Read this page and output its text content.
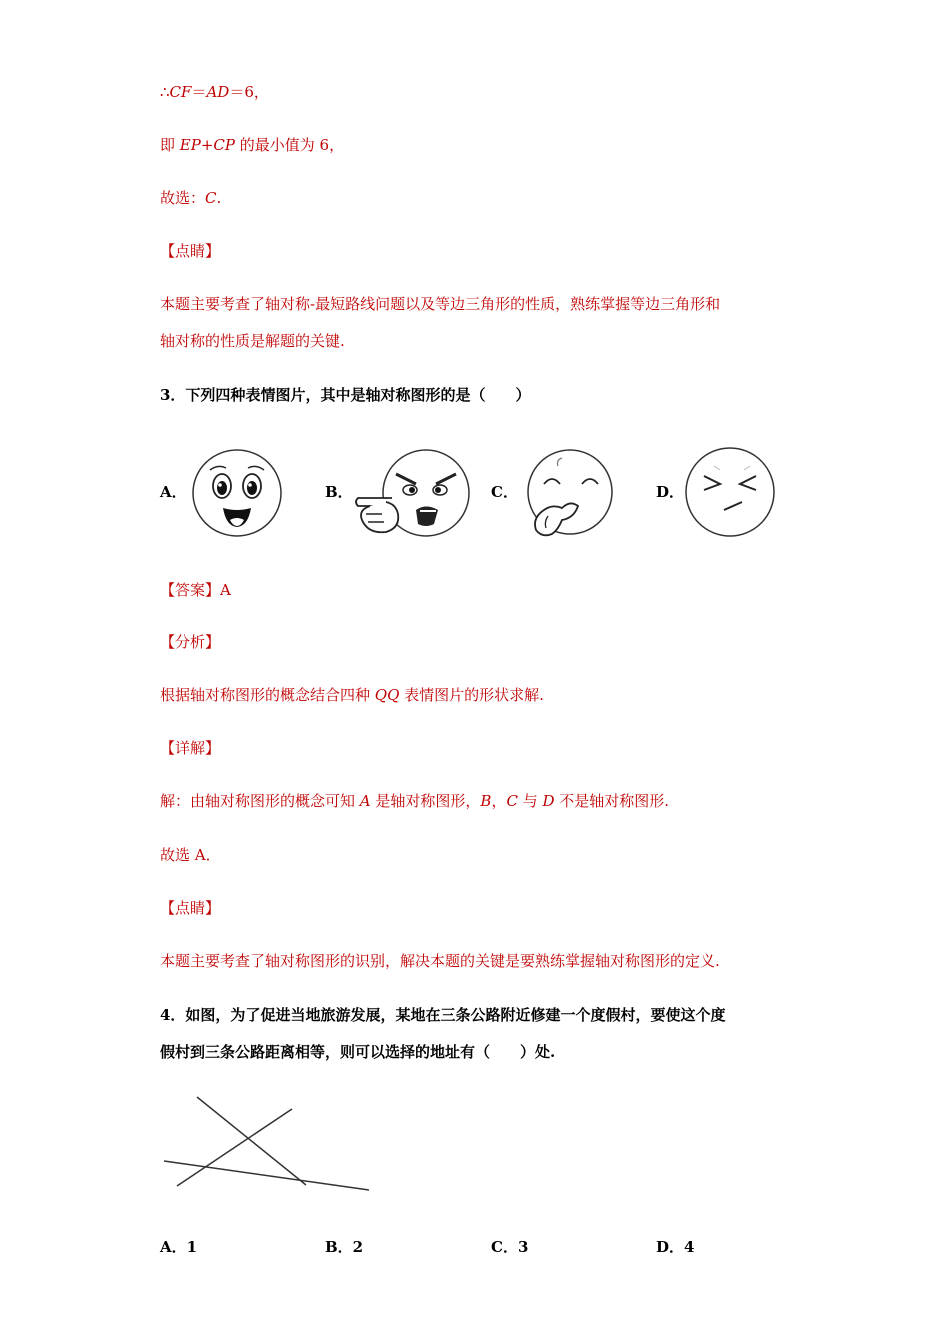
∴CF＝AD＝6，
即 EP+CP 的最小值为 6，
故选：C.
【点睛】
本题主要考查了轴对称-最短路线问题以及等边三角形的性质，熟练掌握等边三角形和
轴对称的性质是解题的关键.
3．下列四种表情图片，其中是轴对称图形的是（　　）
A．	B．	C．	D．
【答案】A
【分析】
根据轴对称图形的概念结合四种 QQ 表情图片的形状求解.
【详解】
解：由轴对称图形的概念可知 A 是轴对称图形，B，C 与 D 不是轴对称图形.
故选 A．
【点睛】
本题主要考查了轴对称图形的识别，解决本题的关键是要熟练掌握轴对称图形的定义.
4．如图，为了促进当地旅游发展，某地在三条公路附近修建一个度假村，要使这个度
假村到三条公路距离相等，则可以选择的地址有（　　）处.
A．1	B．2	C．3	D．4
